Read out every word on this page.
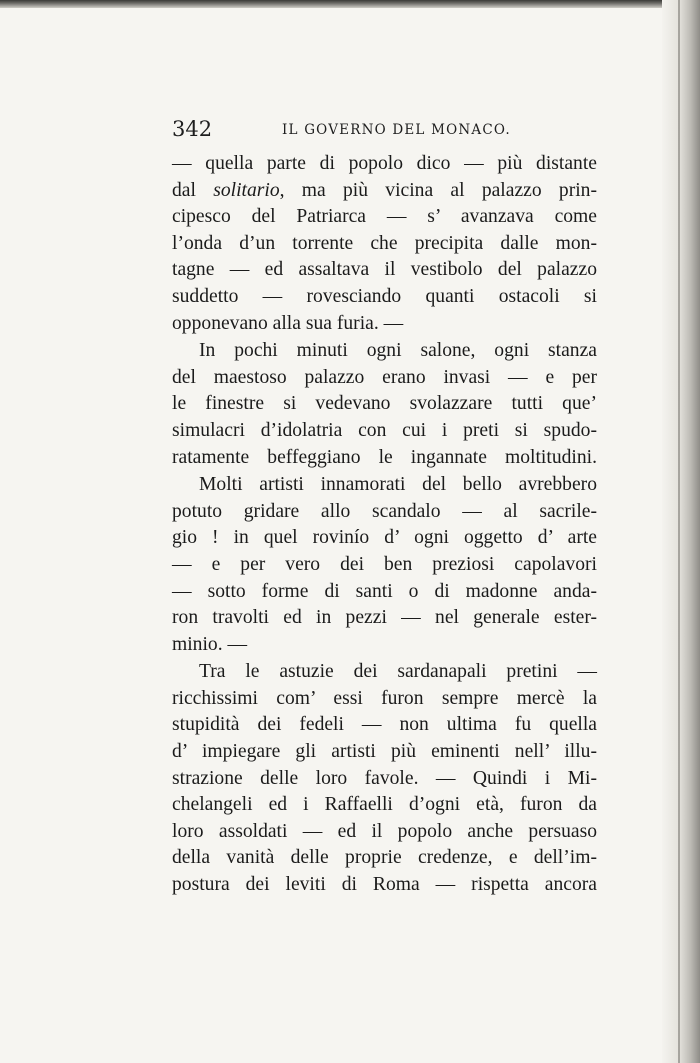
342	IL GOVERNO DEL MONACO.
— quella parte di popolo dico — più distante
dal solitario, ma più vicina al palazzo prin-
cipesco del Patriarca — s’ avanzava come
l’onda d’un torrente che precipita dalle mon-
tagne — ed assaltava il vestibolo del palazzo
suddetto — rovesciando quanti ostacoli si
opponevano alla sua furia. —
In pochi minuti ogni salone, ogni stanza
del maestoso palazzo erano invasi — e per
le finestre si vedevano svolazzare tutti que’
simulacri d’idolatria con cui i preti si spudo-
ratamente beffeggiano le ingannate moltitudini.
Molti artisti innamorati del bello avrebbero
potuto gridare allo scandalo — al sacrile-
gio ! in quel rovinío d’ ogni oggetto d’ arte
— e per vero dei ben preziosi capolavori
— sotto forme di santi o di madonne anda-
ron travolti ed in pezzi — nel generale ester-
minio. —
Tra le astuzie dei sardanapali pretini —
ricchissimi com’ essi furon sempre mercè la
stupidità dei fedeli — non ultima fu quella
d’ impiegare gli artisti più eminenti nell’ illu-
strazione delle loro favole. — Quindi i Mi-
chelangeli ed i Raffaelli d’ogni età, furon da
loro assoldati — ed il popolo anche persuaso
della vanità delle proprie credenze, e dell’im-
postura dei leviti di Roma — rispetta ancora
